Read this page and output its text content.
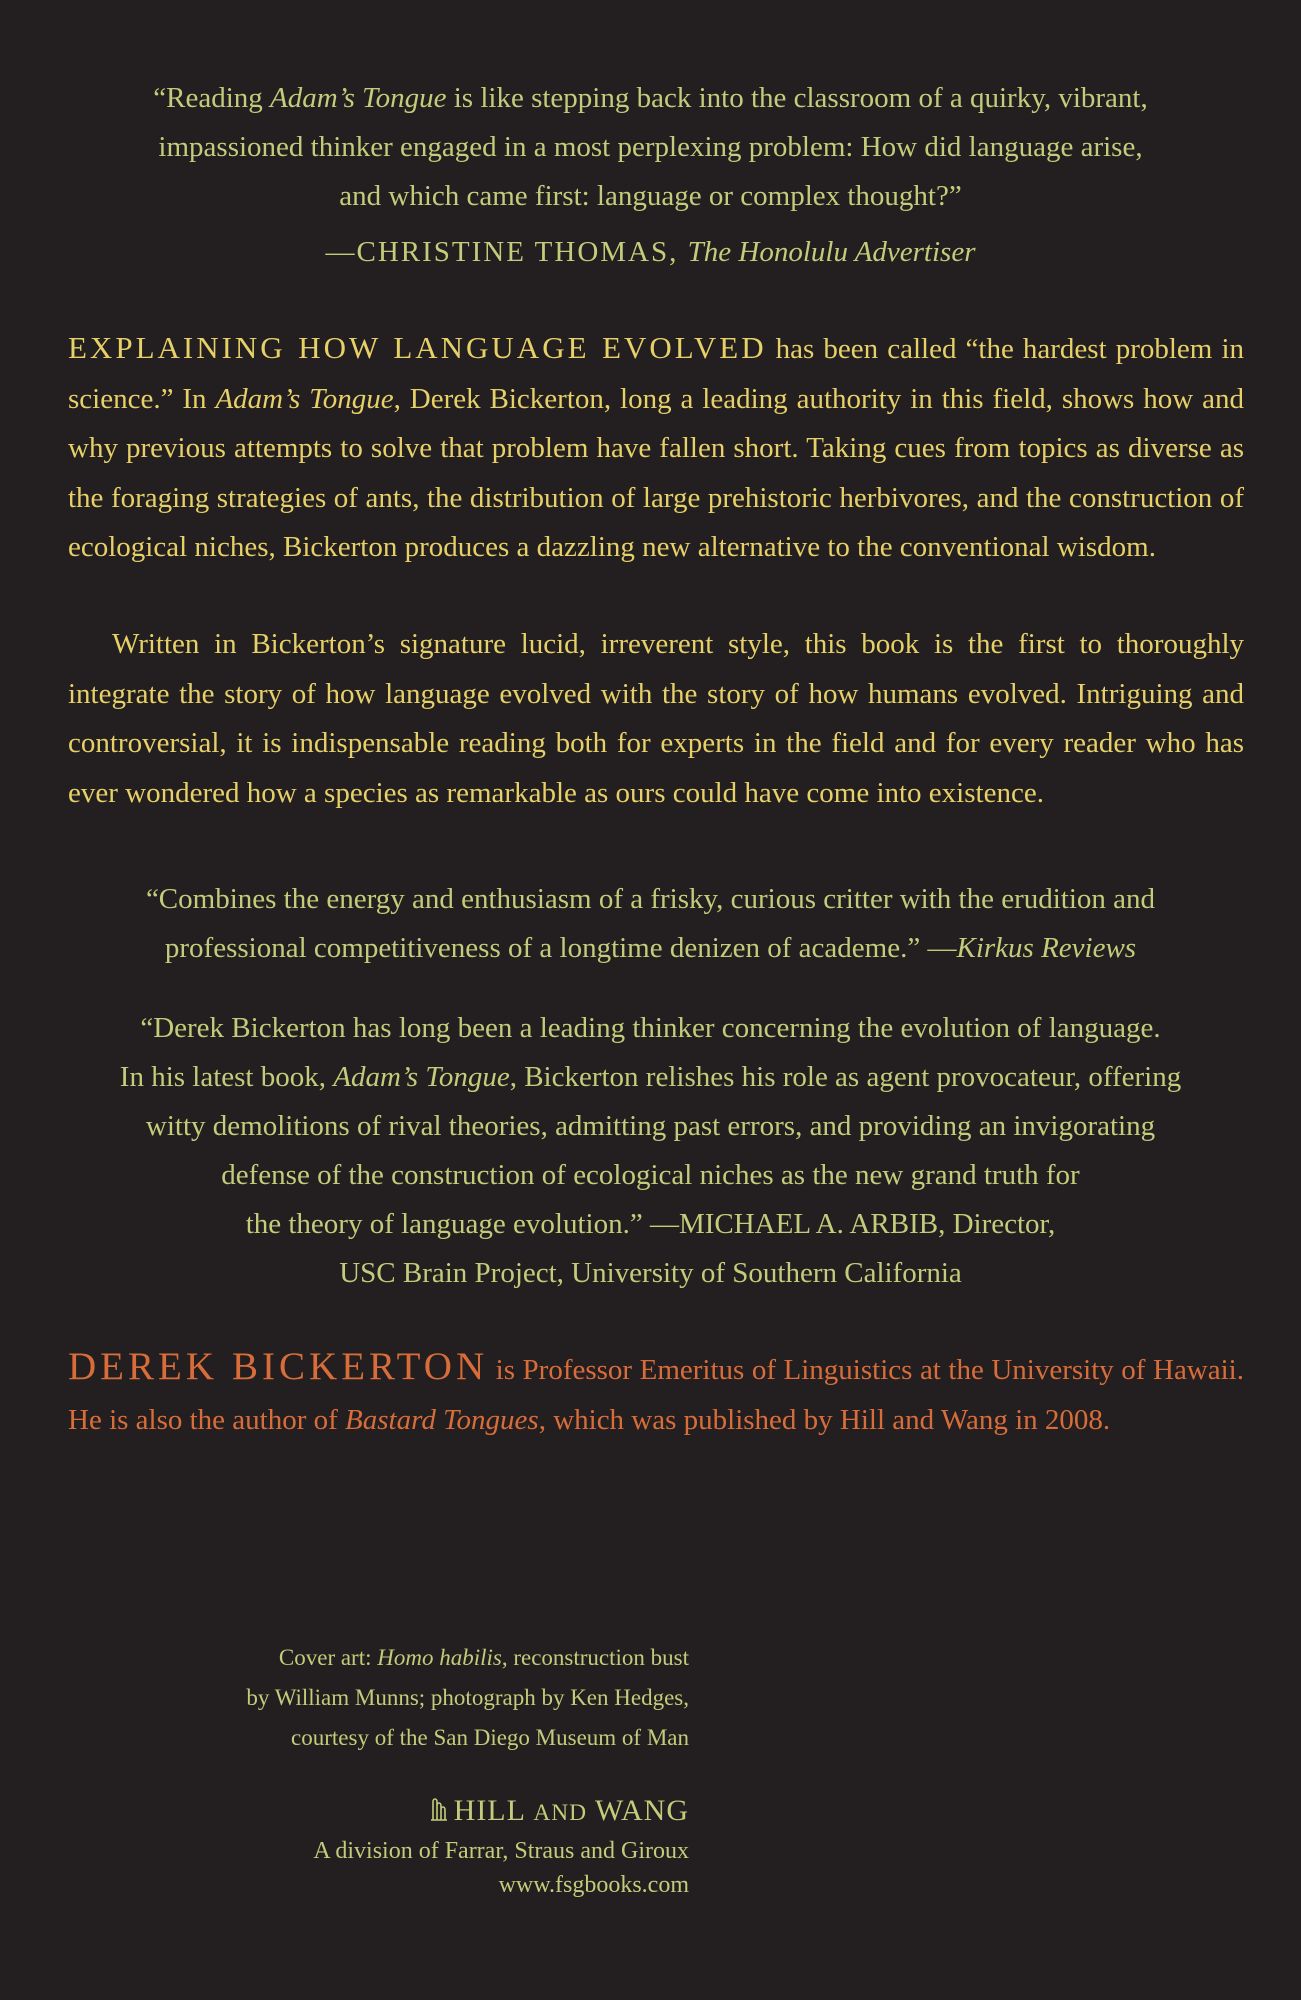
“Reading Adam’s Tongue is like stepping back into the classroom of a quirky, vibrant,
impassioned thinker engaged in a most perplexing problem: How did language arise,
and which came first: language or complex thought?”
—CHRISTINE THOMAS, The Honolulu Advertiser

EXPLAINING HOW LANGUAGE EVOLVED has been called “the hardest problem in science.” In Adam’s Tongue, Derek Bickerton, long a leading authority in this field, shows how and why previous attempts to solve that problem have fallen short. Taking cues from topics as diverse as the foraging strategies of ants, the distribution of large prehistoric herbivores, and the construction of ecological niches, Bickerton produces a dazzling new alternative to the conventional wisdom.

Written in Bickerton’s signature lucid, irreverent style, this book is the first to thoroughly integrate the story of how language evolved with the story of how humans evolved. Intriguing and controversial, it is indispensable reading both for experts in the field and for every reader who has ever wondered how a species as remarkable as ours could have come into existence.

“Combines the energy and enthusiasm of a frisky, curious critter with the erudition and
professional competitiveness of a longtime denizen of academe.” —Kirkus Reviews
“Derek Bickerton has long been a leading thinker concerning the evolution of language.
In his latest book, Adam’s Tongue, Bickerton relishes his role as agent provocateur, offering
witty demolitions of rival theories, admitting past errors, and providing an invigorating
defense of the construction of ecological niches as the new grand truth for
the theory of language evolution.” —MICHAEL A. ARBIB, Director,
USC Brain Project, University of Southern California

DEREK BICKERTON is Professor Emeritus of Linguistics at the University of Hawaii. He is also the author of Bastard Tongues, which was published by Hill and Wang in 2008.

Cover art: Homo habilis, reconstruction bust
by William Munns; photograph by Ken Hedges,
courtesy of the San Diego Museum of Man
HILL AND WANG
A division of Farrar, Straus and Giroux
www.fsgbooks.com
